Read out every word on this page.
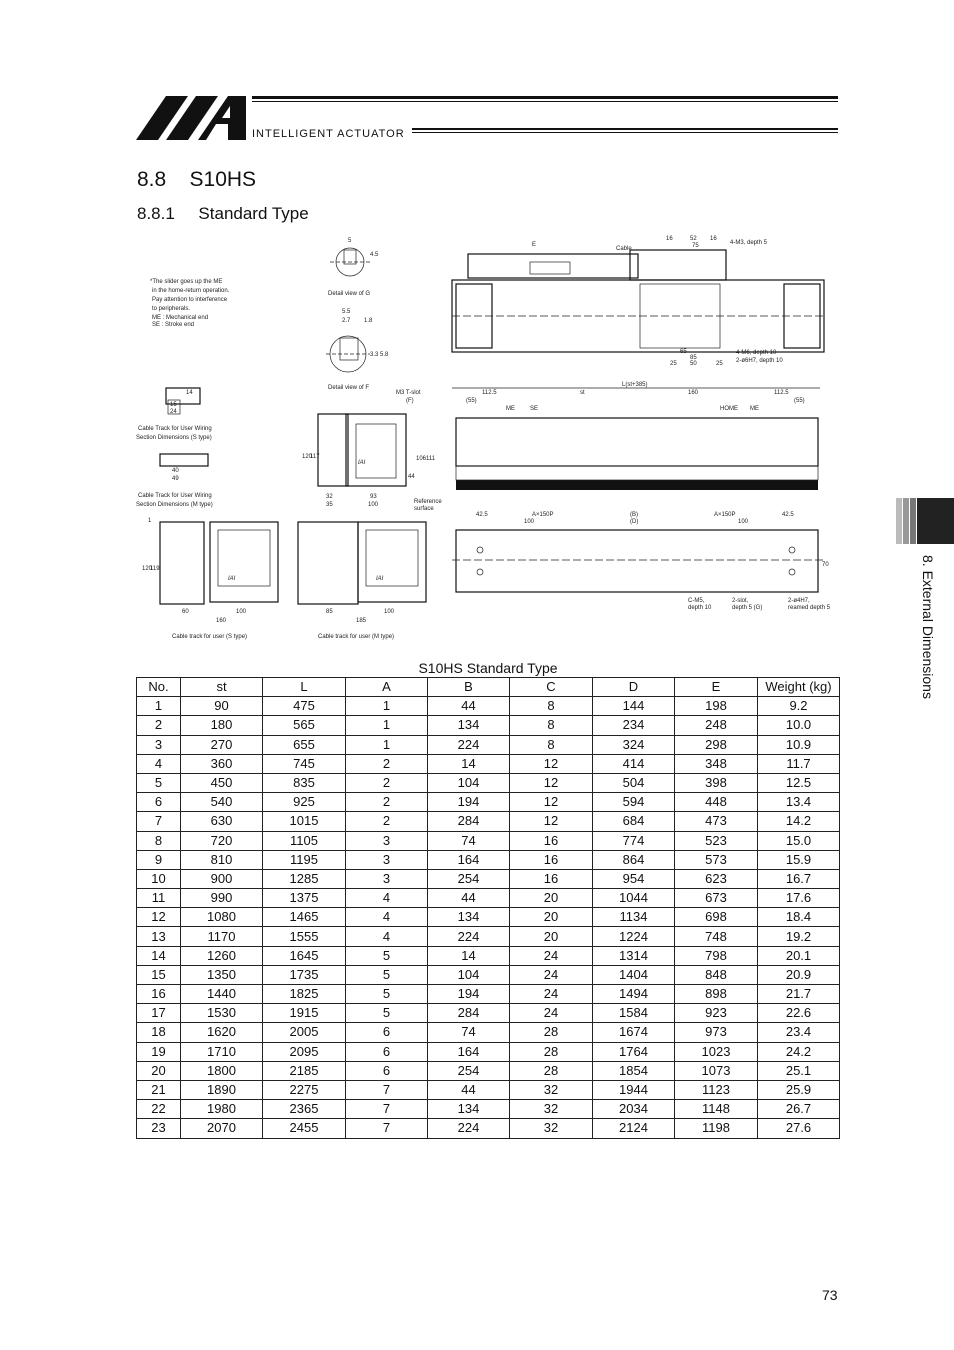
INTELLIGENT ACTUATOR
8.8    S10HS
8.8.1     Standard Type
8. External Dimensions
*The slider goes up the ME
in the home-return operation.
Pay attention to interference
to peripherals.
ME : Mechanical end
SE : Stroke end
5
4.5
Detail view of G
5.5
2.7 1.8
3.3 5.8
Detail view of F
E
Cable
16	52 16
75	4-M3, depth 5
65
85
25 50	25
4-M6, depth 10
2-ø6H7, depth 10
14
15
24
Cable Track for User Wiring
Section Dimensions (S type)
40
49
Cable Track for User Wiring
Section Dimensions (M type)
M3 T-slot
(F)
IAI
120
117	106 111
44
32	93
35	100	Reference
surface
L(st+385)
112.5	st	160	112.5
(55)	(55)
ME	SE	HOME ME
42.5	A×150P	(B)	A×150P	42.5
100	(D)	100
70
C-M5,
depth 10
2-slot,
depth 5 (G)
2-ø4H7,
reamed depth 5
IAI
1
120
119
60	100
160
Cable track for user (S type)
IAI
85	100
185
Cable track for user (M type)
S10HS Standard Type
No.	st	L	A	B	C	D	E	Weight (kg)
1	90	475	1	44	8	144	198	9.2
2	180	565	1	134	8	234	248	10.0
3	270	655	1	224	8	324	298	10.9
4	360	745	2	14	12	414	348	11.7
5	450	835	2	104	12	504	398	12.5
6	540	925	2	194	12	594	448	13.4
7	630	1015	2	284	12	684	473	14.2
8	720	1105	3	74	16	774	523	15.0
9	810	1195	3	164	16	864	573	15.9
10	900	1285	3	254	16	954	623	16.7
11	990	1375	4	44	20	1044	673	17.6
12	1080	1465	4	134	20	1134	698	18.4
13	1170	1555	4	224	20	1224	748	19.2
14	1260	1645	5	14	24	1314	798	20.1
15	1350	1735	5	104	24	1404	848	20.9
16	1440	1825	5	194	24	1494	898	21.7
17	1530	1915	5	284	24	1584	923	22.6
18	1620	2005	6	74	28	1674	973	23.4
19	1710	2095	6	164	28	1764	1023	24.2
20	1800	2185	6	254	28	1854	1073	25.1
21	1890	2275	7	44	32	1944	1123	25.9
22	1980	2365	7	134	32	2034	1148	26.7
23	2070	2455	7	224	32	2124	1198	27.6
73
